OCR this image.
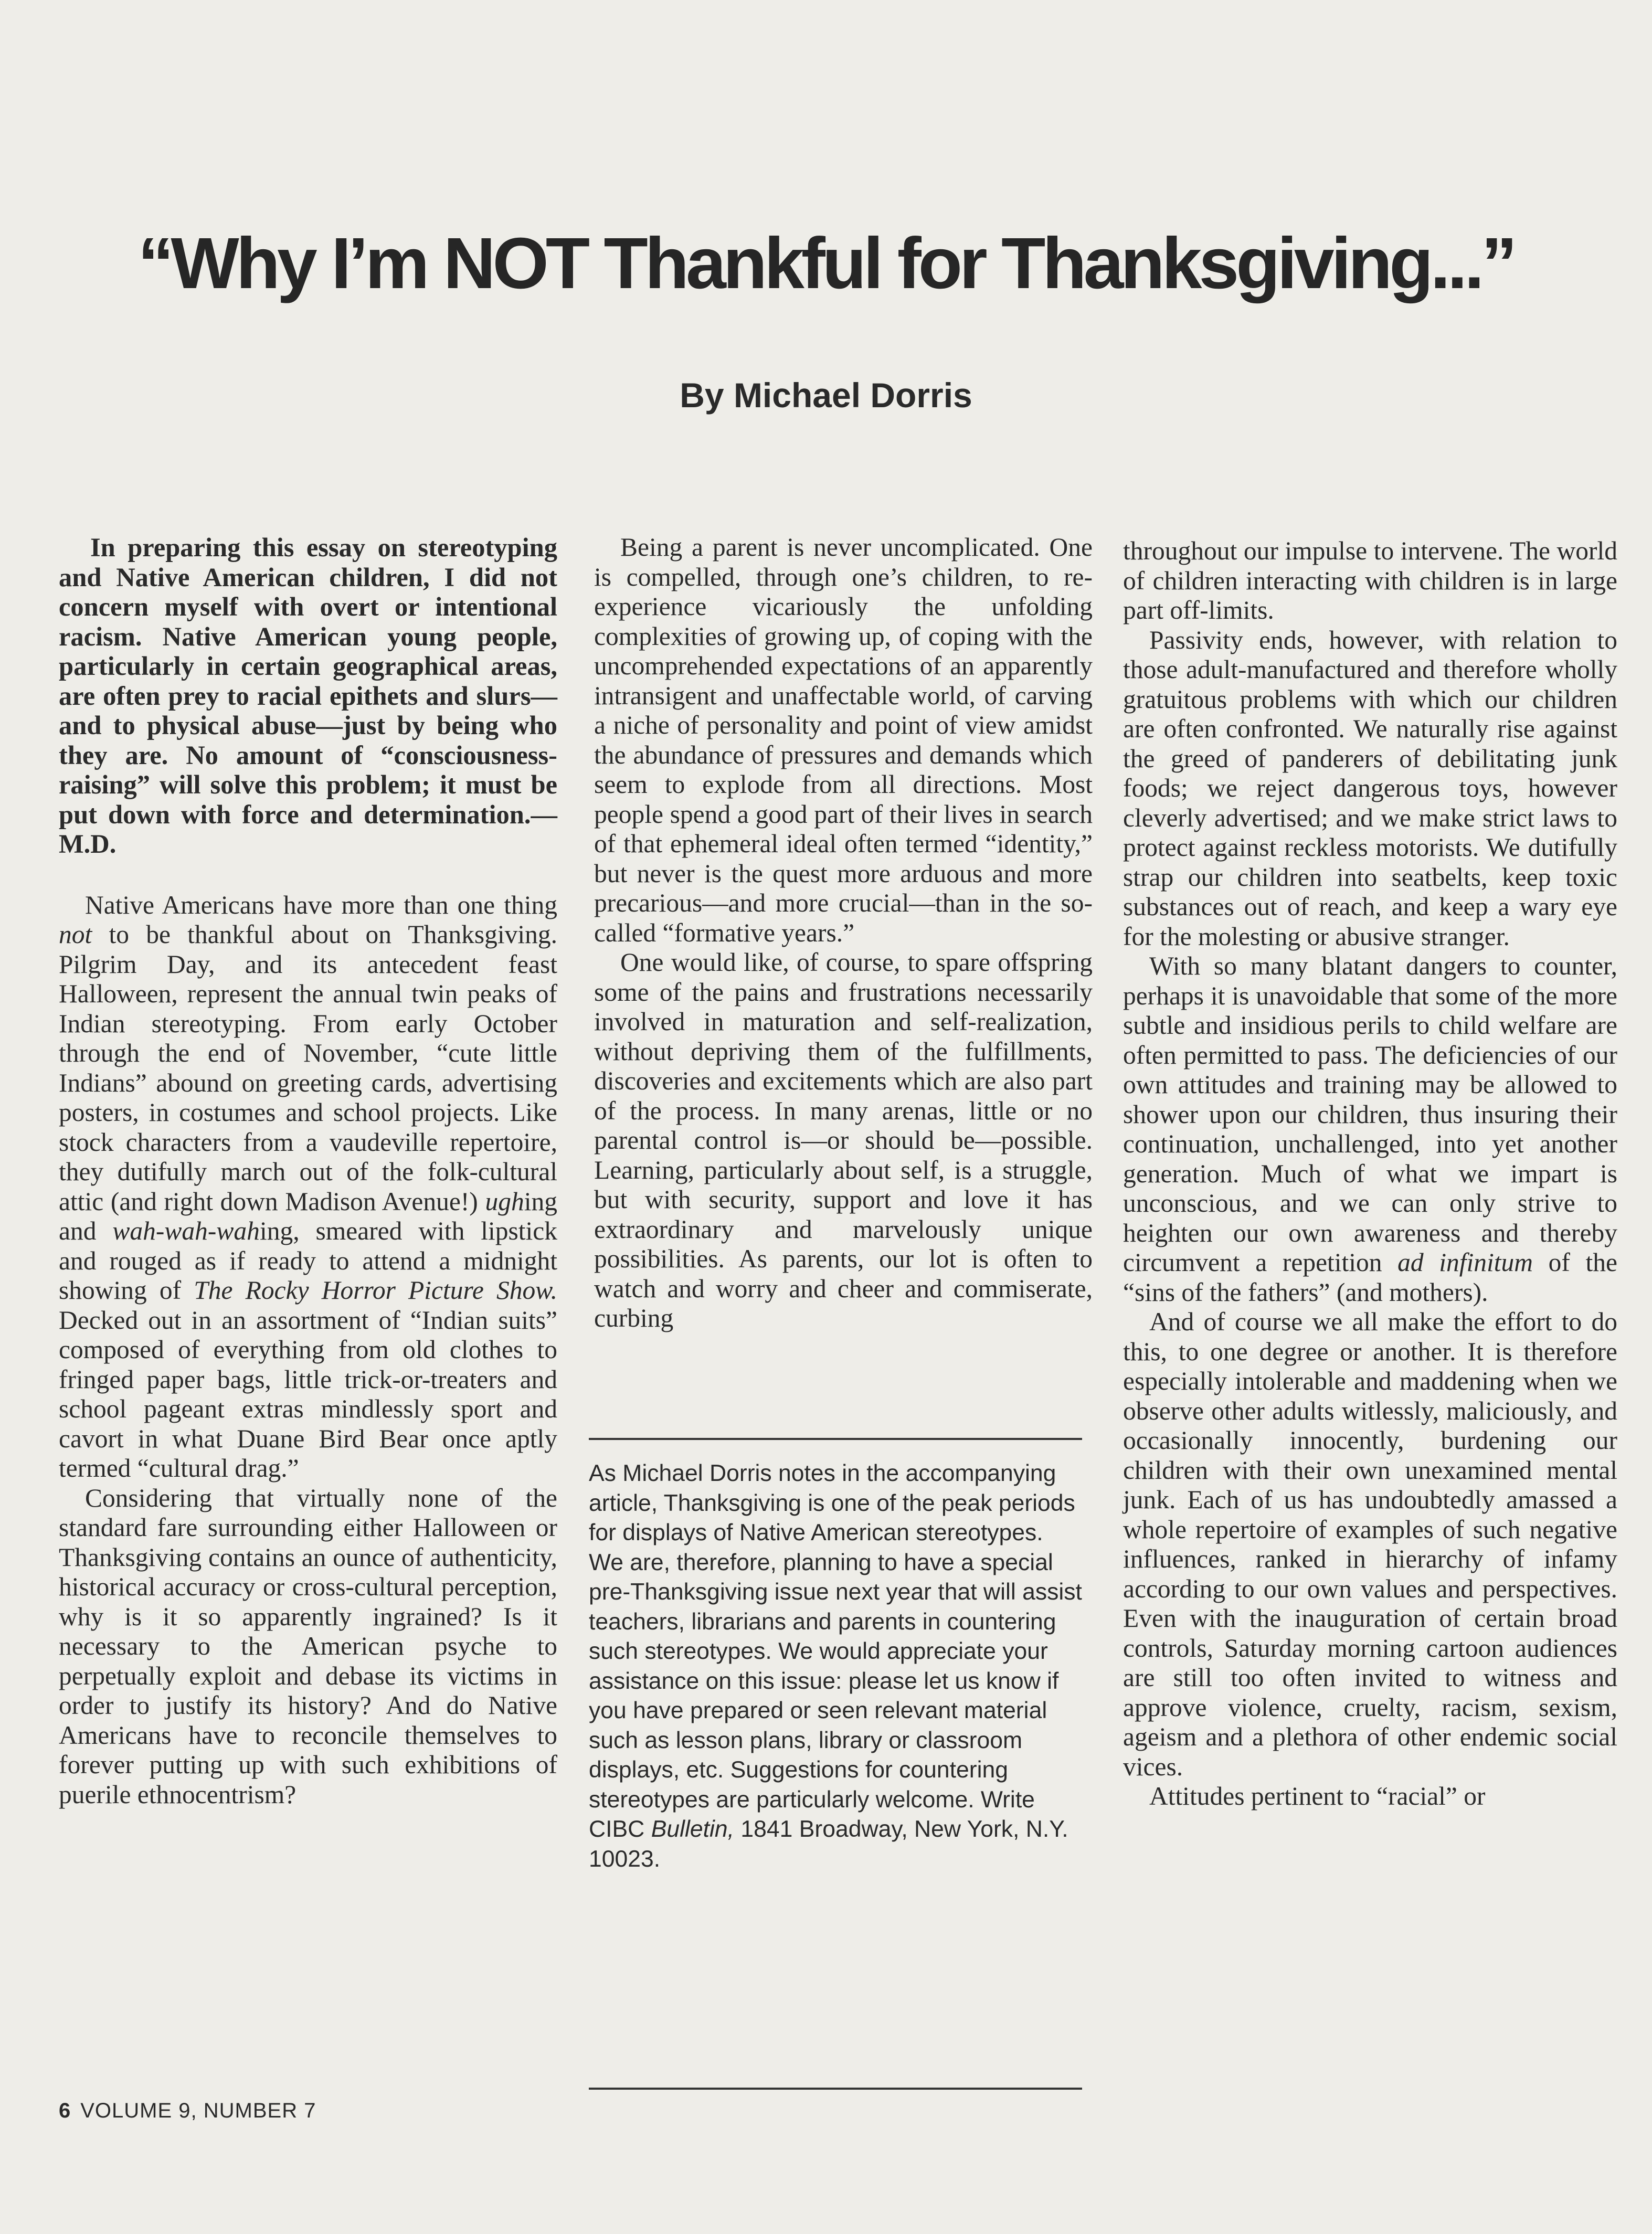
“Why I’m NOT Thankful for Thanksgiving...”
By Michael Dorris

In preparing this essay on stereotyping and Native American children, I did not concern myself with overt or intentional racism. Native American young people, particularly in certain geographical areas, are often prey to racial epithets and slurs—and to physical abuse—just by being who they are. No amount of “consciousness-raising” will solve this problem; it must be put down with force and determination.—M.D.

Native Americans have more than one thing not to be thankful about on Thanksgiving. Pilgrim Day, and its antecedent feast Halloween, represent the annual twin peaks of Indian stereotyping. From early October through the end of November, “cute little Indians” abound on greeting cards, advertising posters, in costumes and school projects. Like stock characters from a vaudeville repertoire, they dutifully march out of the folk-cultural attic (and right down Madison Avenue!) ughing and wah-wah-wahing, smeared with lipstick and rouged as if ready to attend a midnight showing of The Rocky Horror Picture Show. Decked out in an assortment of “Indian suits” composed of everything from old clothes to fringed paper bags, little trick-or-treaters and school pageant extras mindlessly sport and cavort in what Duane Bird Bear once aptly termed “cultural drag.”

Considering that virtually none of the standard fare surrounding either Halloween or Thanksgiving contains an ounce of authenticity, historical accuracy or cross-cultural perception, why is it so apparently ingrained? Is it necessary to the American psyche to perpetually exploit and debase its victims in order to justify its history? And do Native Americans have to reconcile themselves to forever putting up with such exhibitions of puerile ethnocentrism?

Being a parent is never uncomplicated. One is compelled, through one’s children, to re-experience vicariously the unfolding complexities of growing up, of coping with the uncomprehended expectations of an apparently intransigent and unaffectable world, of carving a niche of personality and point of view amidst the abundance of pressures and demands which seem to explode from all directions. Most people spend a good part of their lives in search of that ephemeral ideal often termed “identity,” but never is the quest more arduous and more precarious—and more crucial—than in the so-called “formative years.”

One would like, of course, to spare offspring some of the pains and frustrations necessarily involved in maturation and self-realization, without depriving them of the fulfillments, discoveries and excitements which are also part of the process. In many arenas, little or no parental control is—or should be—possible. Learning, particularly about self, is a struggle, but with security, support and love it has extraordinary and marvelously unique possibilities. As parents, our lot is often to watch and worry and cheer and commiserate, curbing

As Michael Dorris notes in the accompanying article, Thanksgiving is one of the peak periods for displays of Native American stereotypes. We are, therefore, planning to have a special pre-Thanksgiving issue next year that will assist teachers, librarians and parents in countering such stereotypes. We would appreciate your assistance on this issue: please let us know if you have prepared or seen relevant material such as lesson plans, library or classroom displays, etc. Suggestions for countering stereotypes are particularly welcome. Write CIBC Bulletin, 1841 Broadway, New York, N.Y. 10023.

throughout our impulse to intervene. The world of children interacting with children is in large part off-limits.

Passivity ends, however, with relation to those adult-manufactured and therefore wholly gratuitous problems with which our children are often confronted. We naturally rise against the greed of panderers of debilitating junk foods; we reject dangerous toys, however cleverly advertised; and we make strict laws to protect against reckless motorists. We dutifully strap our children into seatbelts, keep toxic substances out of reach, and keep a wary eye for the molesting or abusive stranger.

With so many blatant dangers to counter, perhaps it is unavoidable that some of the more subtle and insidious perils to child welfare are often permitted to pass. The deficiencies of our own attitudes and training may be allowed to shower upon our children, thus insuring their continuation, unchallenged, into yet another generation. Much of what we impart is unconscious, and we can only strive to heighten our own awareness and thereby circumvent a repetition ad infinitum of the “sins of the fathers” (and mothers).

And of course we all make the effort to do this, to one degree or another. It is therefore especially intolerable and maddening when we observe other adults witlessly, maliciously, and occasionally innocently, burdening our children with their own unexamined mental junk. Each of us has undoubtedly amassed a whole repertoire of examples of such negative influences, ranked in hierarchy of infamy according to our own values and perspectives. Even with the inauguration of certain broad controls, Saturday morning cartoon audiences are still too often invited to witness and approve violence, cruelty, racism, sexism, ageism and a plethora of other endemic social vices.

Attitudes pertinent to “racial” or

6 VOLUME 9, NUMBER 7
